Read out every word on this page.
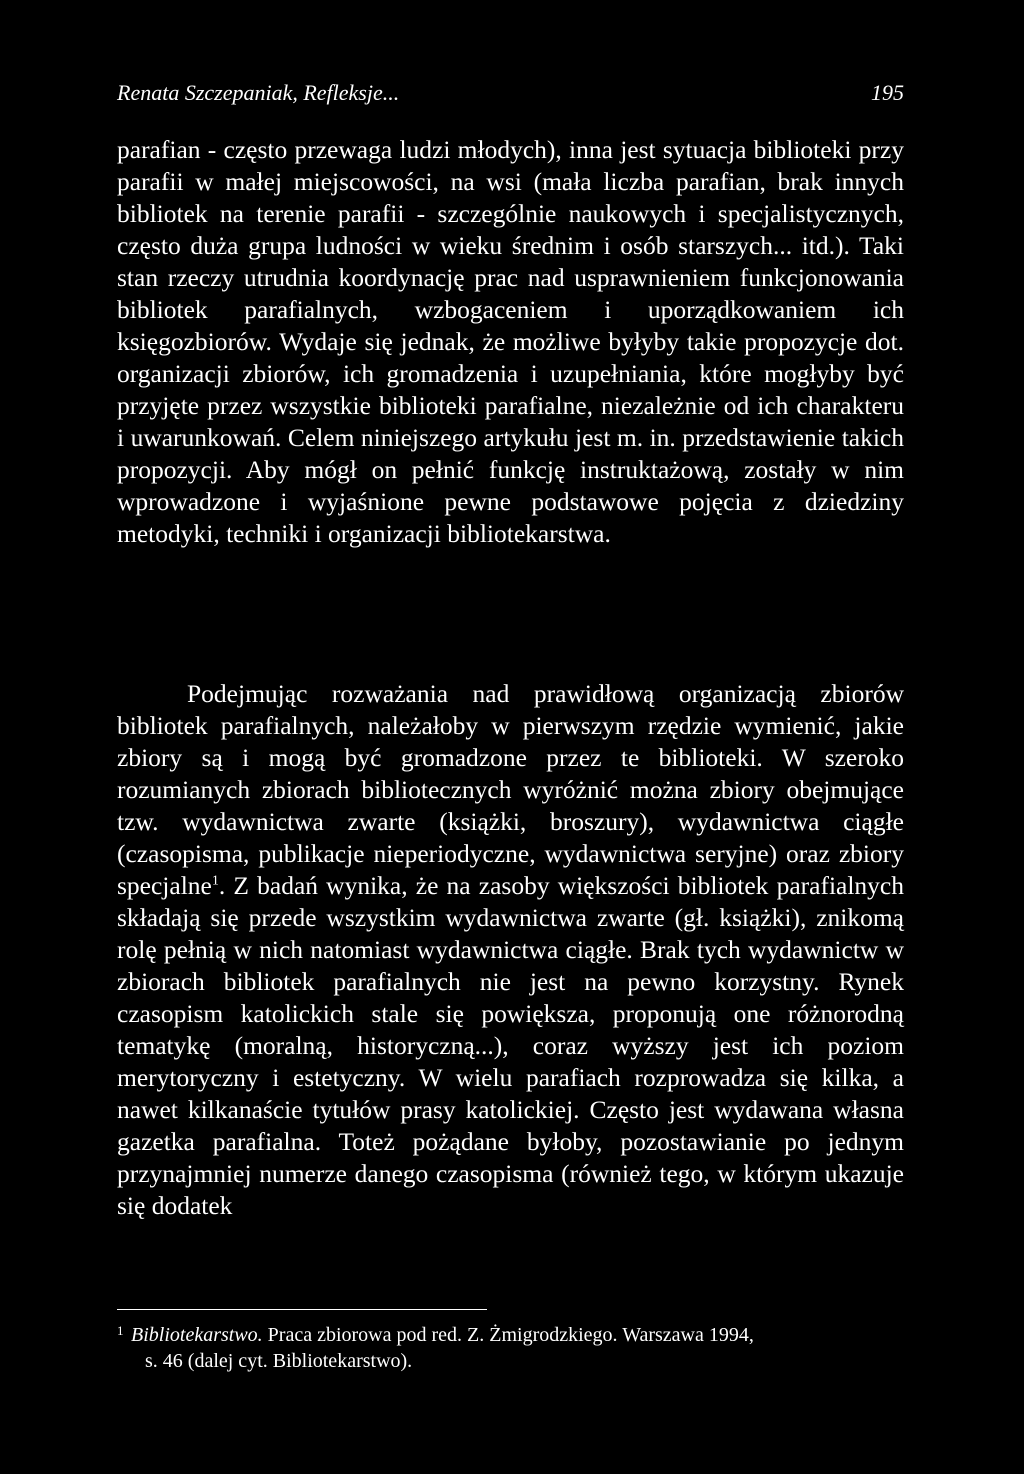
Renata Szczepaniak, Refleksje...	195

parafian - często przewaga ludzi młodych), inna jest sytuacja biblioteki przy parafii w małej miejscowości, na wsi (mała liczba parafian, brak innych bibliotek na terenie parafii - szczególnie naukowych i specjalistycznych, często duża grupa ludności w wieku średnim i osób starszych... itd.). Taki stan rzeczy utrudnia koordynację prac nad usprawnieniem funkcjonowania bibliotek parafialnych, wzbogaceniem i uporządkowaniem ich księgozbiorów. Wydaje się jednak, że możliwe byłyby takie propozycje dot. organizacji zbiorów, ich gromadzenia i uzupełniania, które mogłyby być przyjęte przez wszystkie biblioteki parafialne, niezależnie od ich charakteru i uwarunkowań. Celem niniejszego artykułu jest m. in. przedstawienie takich propozycji. Aby mógł on pełnić funkcję instruktażową, zostały w nim wprowadzone i wyjaśnione pewne podstawowe pojęcia z dziedziny metodyki, techniki i organizacji bibliotekarstwa.

Podejmując rozważania nad prawidłową organizacją zbiorów bibliotek parafialnych, należałoby w pierwszym rzędzie wymienić, jakie zbiory są i mogą być gromadzone przez te biblioteki. W szeroko rozumianych zbiorach bibliotecznych wyróżnić można zbiory obejmujące tzw. wydawnictwa zwarte (książki, broszury), wydawnictwa ciągłe (czasopisma, publikacje nieperiodyczne, wydawnictwa seryjne) oraz zbiory specjalne$^1$. Z badań wynika, że na zasoby większości bibliotek parafialnych składają się przede wszystkim wydawnictwa zwarte (gł. książki), znikomą rolę pełnią w nich natomiast wydawnictwa ciągłe. Brak tych wydawnictw w zbiorach bibliotek parafialnych nie jest na pewno korzystny. Rynek czasopism katolickich stale się powiększa, proponują one różnorodną tematykę (moralną, historyczną...), coraz wyższy jest ich poziom merytoryczny i estetyczny. W wielu parafiach rozprowadza się kilka, a nawet kilkanaście tytułów prasy katolickiej. Często jest wydawana własna gazetka parafialna. Toteż pożądane byłoby, pozostawianie po jednym przynajmniej numerze danego czasopisma (również tego, w którym ukazuje się dodatek

1 Bibliotekarstwo. Praca zbiorowa pod red. Z. Żmigrodzkiego. Warszawa 1994,
s. 46 (dalej cyt. Bibliotekarstwo).
